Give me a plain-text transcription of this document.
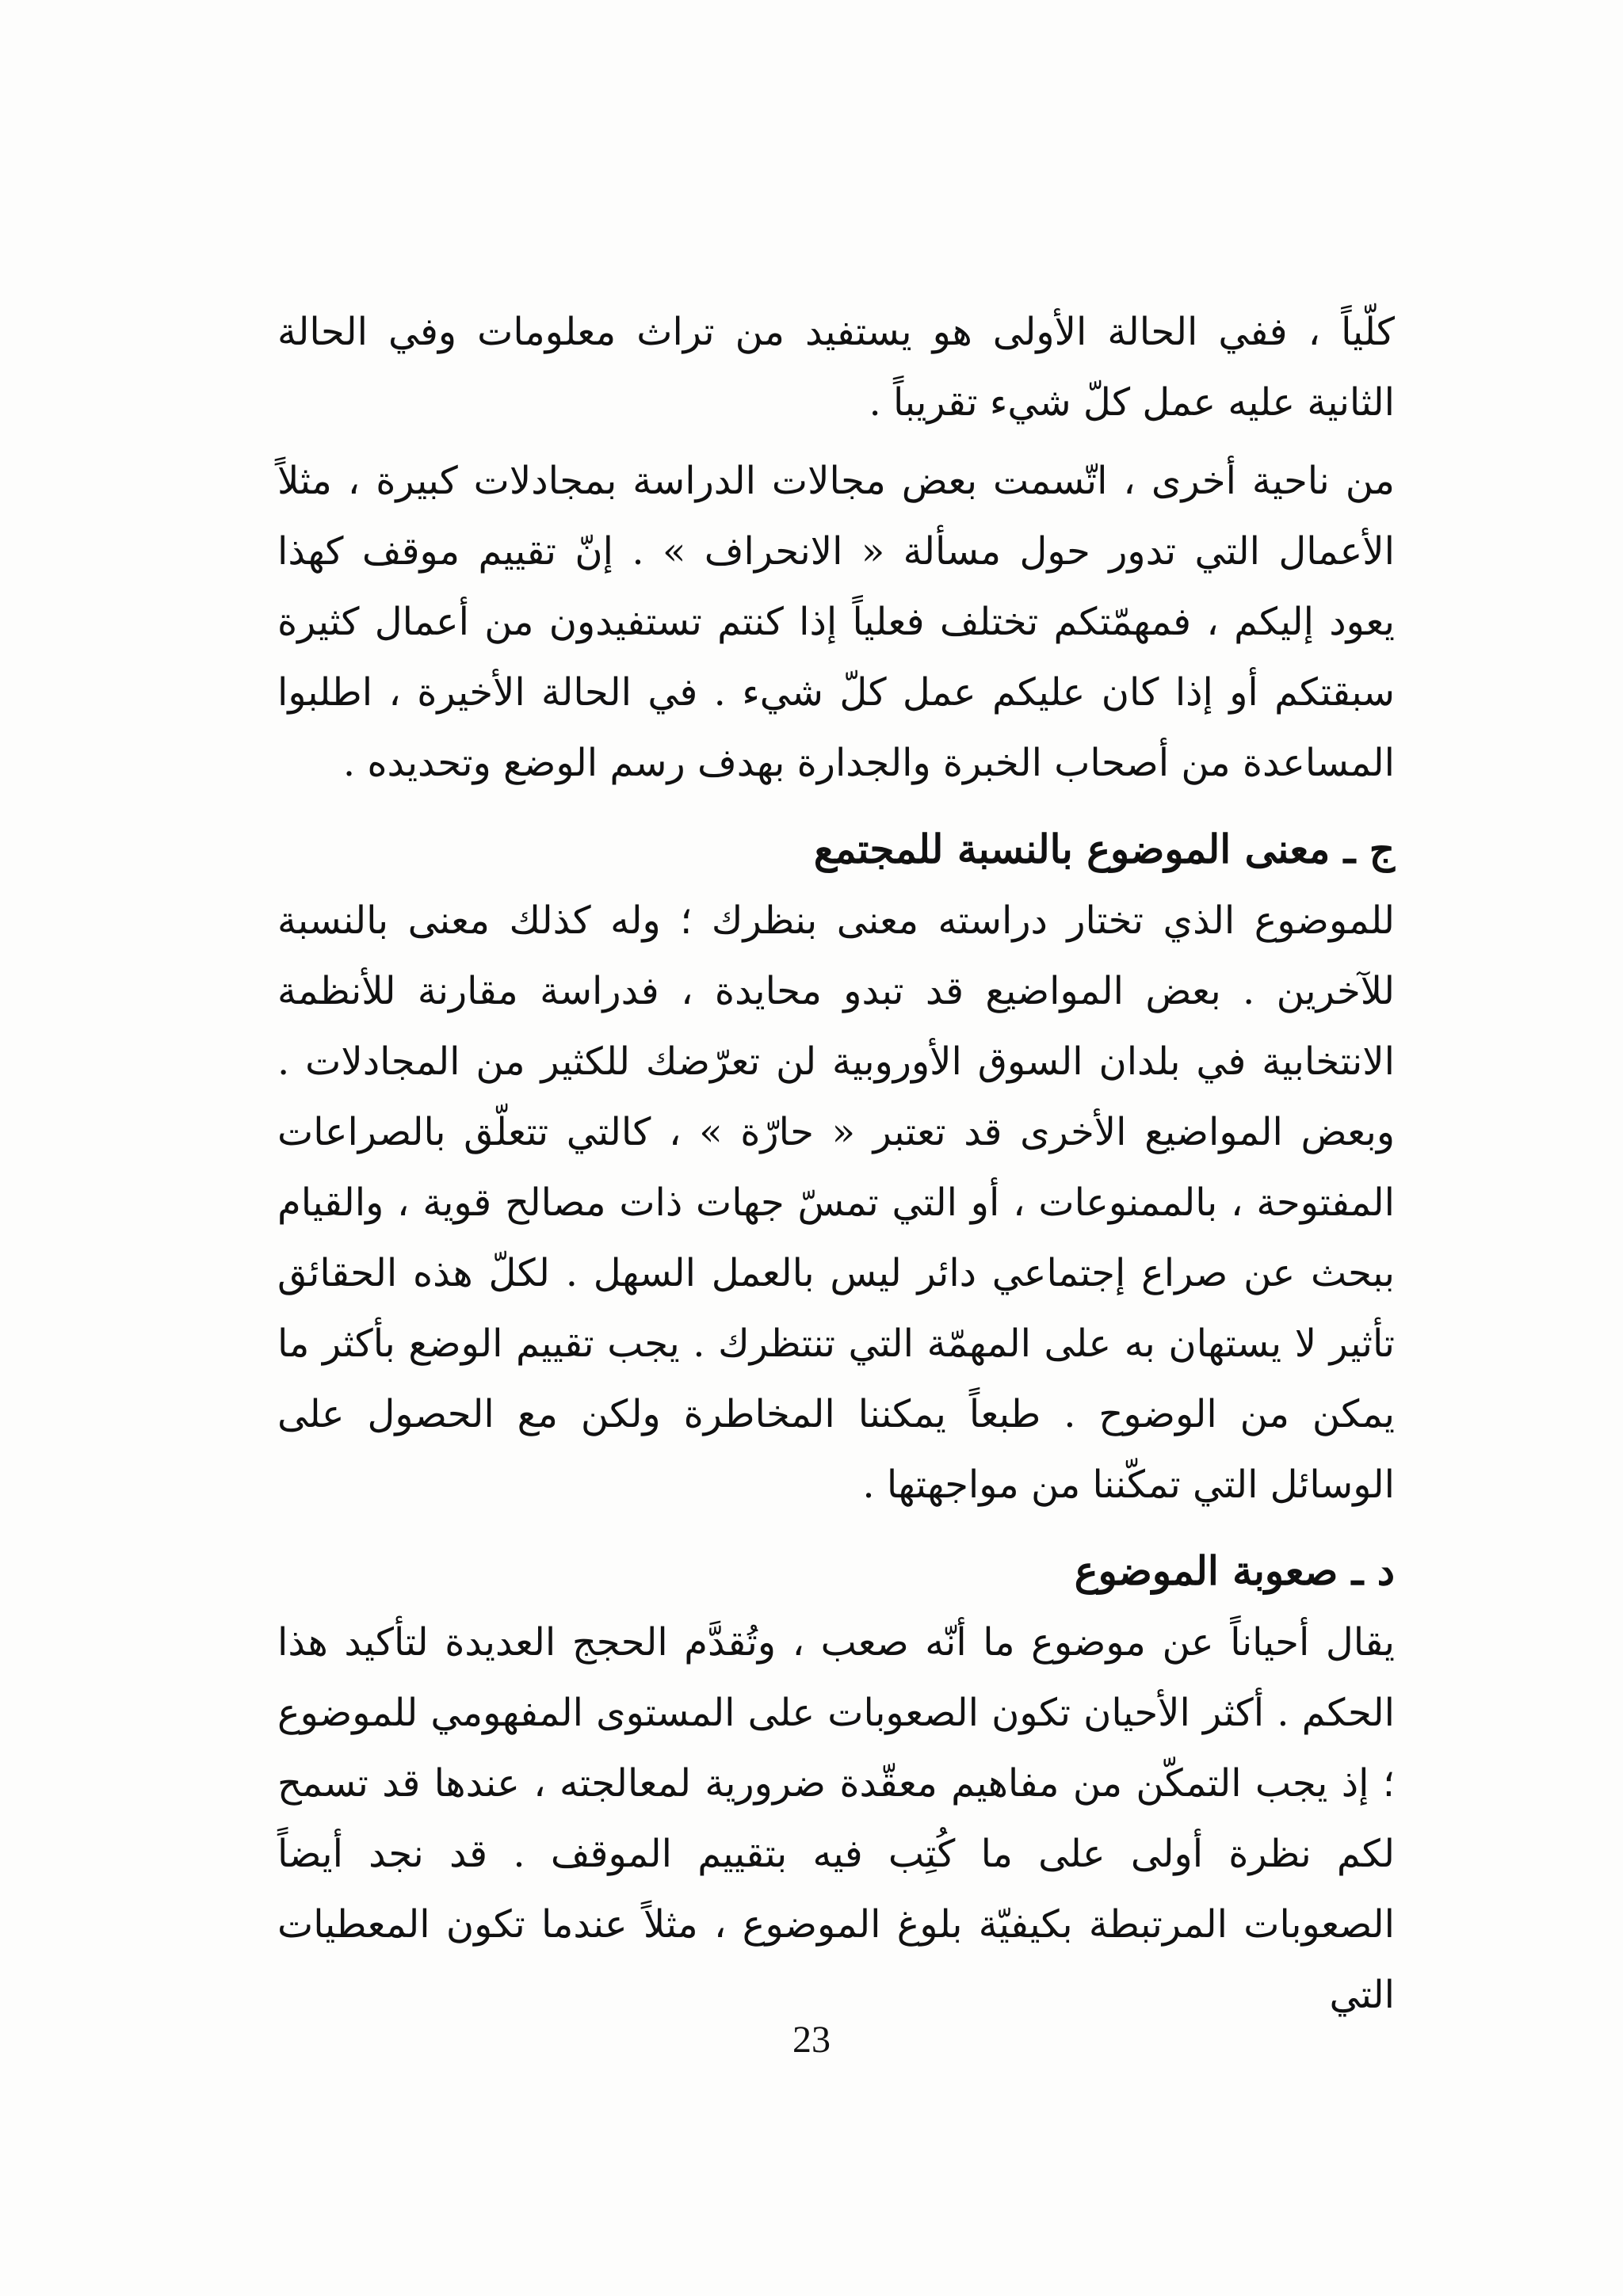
كلّياً ، ففي الحالة الأولى هو يستفيد من تراث معلومات وفي الحالة الثانية عليه عمل كلّ شيء تقريباً .

من ناحية أخرى ، اتّسمت بعض مجالات الدراسة بمجادلات كبيرة ، مثلاً الأعمال التي تدور حول مسألة « الانحراف » . إنّ تقييم موقف كهذا يعود إليكم ، فمهمّتكم تختلف فعلياً إذا كنتم تستفيدون من أعمال كثيرة سبقتكم أو إذا كان عليكم عمل كلّ شيء . في الحالة الأخيرة ، اطلبوا المساعدة من أصحاب الخبرة والجدارة بهدف رسم الوضع وتحديده .

ج ـ معنى الموضوع بالنسبة للمجتمع

للموضوع الذي تختار دراسته معنى بنظرك ؛ وله كذلك معنى بالنسبة للآخرين . بعض المواضيع قد تبدو محايدة ، فدراسة مقارنة للأنظمة الانتخابية في بلدان السوق الأوروبية لن تعرّضك للكثير من المجادلات . وبعض المواضيع الأخرى قد تعتبر « حارّة » ، كالتي تتعلّق بالصراعات المفتوحة ، بالممنوعات ، أو التي تمسّ جهات ذات مصالح قوية ، والقيام ببحث عن صراع إجتماعي دائر ليس بالعمل السهل . لكلّ هذه الحقائق تأثير لا يستهان به على المهمّة التي تنتظرك . يجب تقييم الوضع بأكثر ما يمكن من الوضوح . طبعاً يمكننا المخاطرة ولكن مع الحصول على الوسائل التي تمكّننا من مواجهتها .

د ـ صعوبة الموضوع

يقال أحياناً عن موضوع ما أنّه صعب ، وتُقدَّم الحجج العديدة لتأكيد هذا الحكم . أكثر الأحيان تكون الصعوبات على المستوى المفهومي للموضوع ؛ إذ يجب التمكّن من مفاهيم معقّدة ضرورية لمعالجته ، عندها قد تسمح لكم نظرة أولى على ما كُتِب فيه بتقييم الموقف . قد نجد أيضاً الصعوبات المرتبطة بكيفيّة بلوغ الموضوع ، مثلاً عندما تكون المعطيات التي

23
